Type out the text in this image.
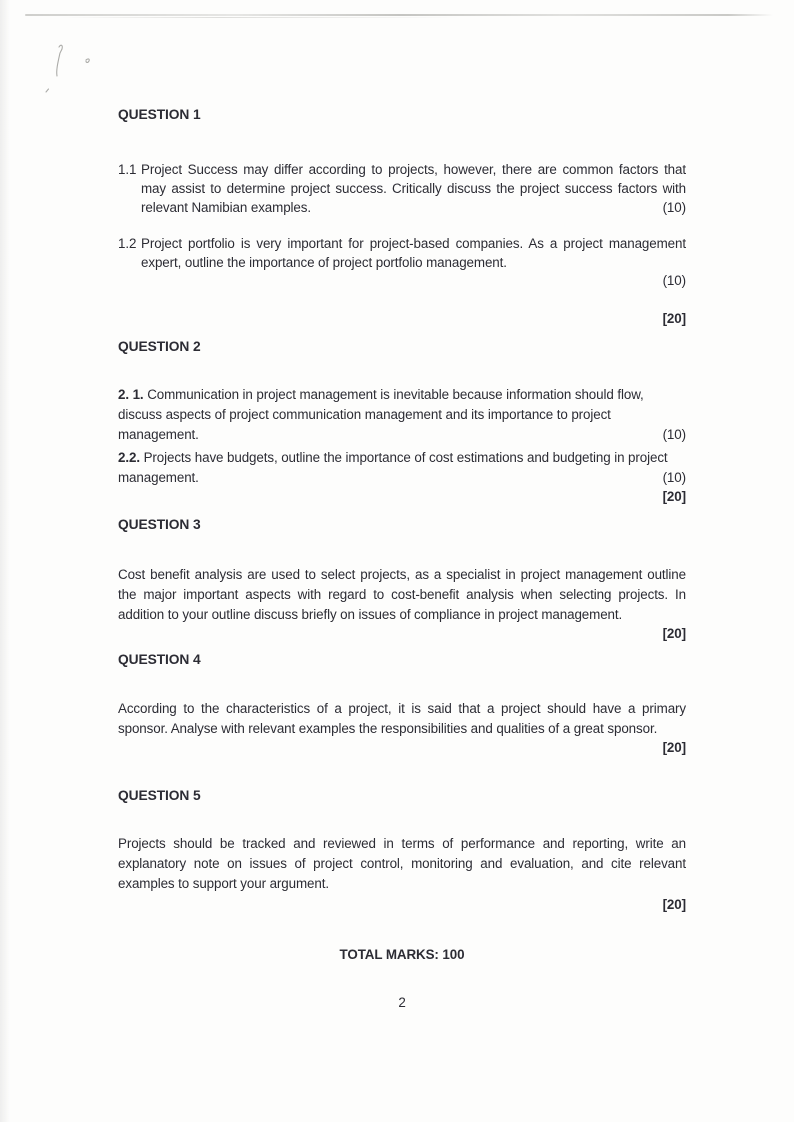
QUESTION 1
1.1 Project Success may differ according to projects, however, there are common factors that may assist to determine project success. Critically discuss the project success factors with relevant Namibian examples.	(10)
1.2 Project portfolio is very important for project-based companies. As a project management expert, outline the importance of project portfolio management.
(10)
[20]
QUESTION 2
2. 1. Communication in project management is inevitable because information should flow, discuss aspects of project communication management and its importance to project management.	(10)
2.2. Projects have budgets, outline the importance of cost estimations and budgeting in project management.	(10)
[20]
QUESTION 3
Cost benefit analysis are used to select projects, as a specialist in project management outline the major important aspects with regard to cost-benefit analysis when selecting projects. In addition to your outline discuss briefly on issues of compliance in project management.
[20]
QUESTION 4
According to the characteristics of a project, it is said that a project should have a primary sponsor. Analyse with relevant examples the responsibilities and qualities of a great sponsor.
[20]
QUESTION 5
Projects should be tracked and reviewed in terms of performance and reporting, write an explanatory note on issues of project control, monitoring and evaluation, and cite relevant examples to support your argument.
[20]
TOTAL MARKS: 100
2
